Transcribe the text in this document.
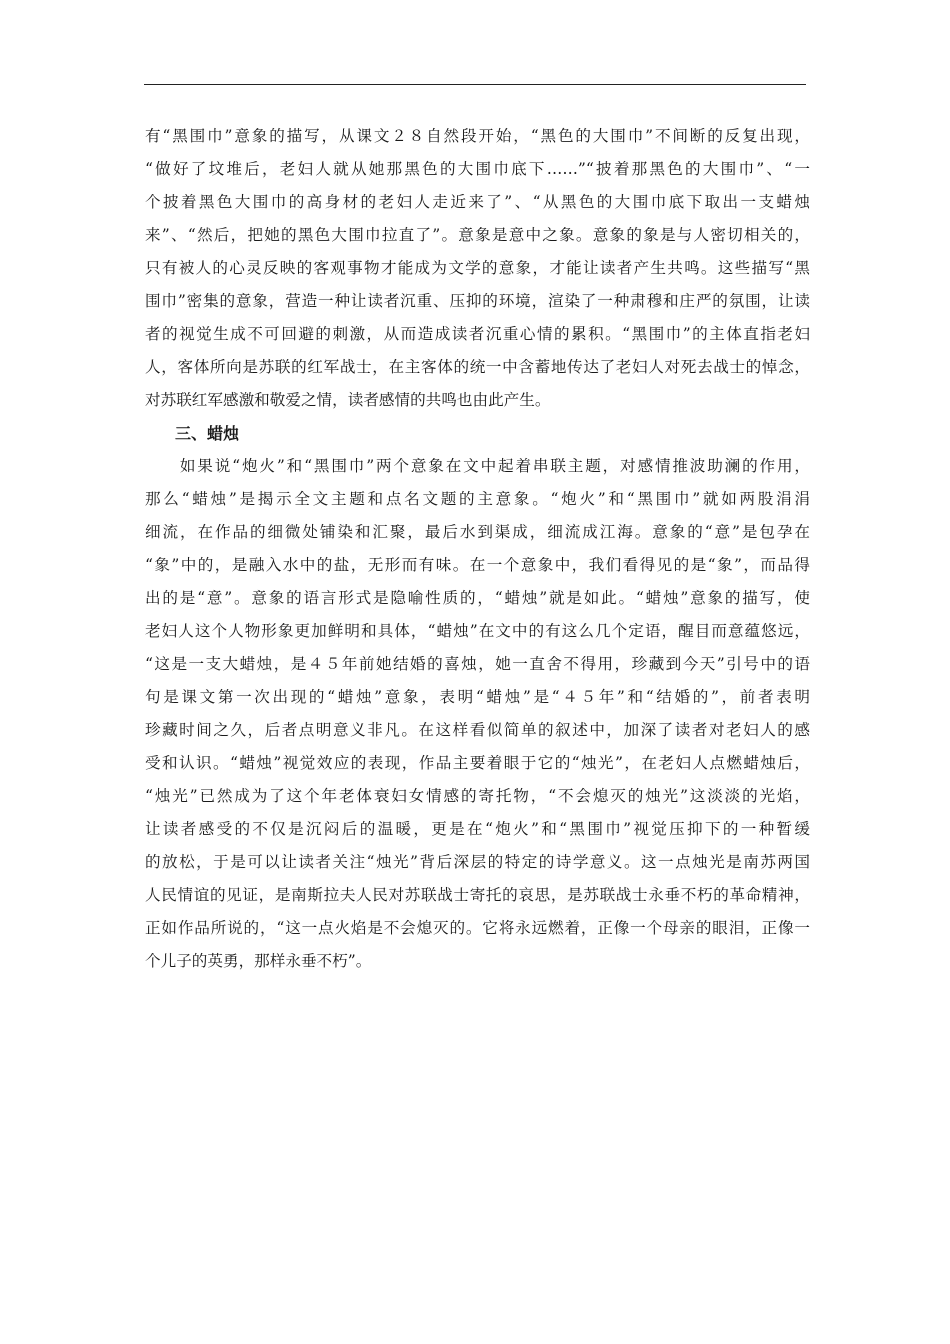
有“黑围巾”意象的描写，从课文２８自然段开始，“黑色的大围巾”不间断的反复出现，
“做好了坟堆后，老妇人就从她那黑色的大围巾底下……”“披着那黑色的大围巾”、“一
个披着黑色大围巾的高身材的老妇人走近来了”、“从黑色的大围巾底下取出一支蜡烛
来”、“然后，把她的黑色大围巾拉直了”。意象是意中之象。意象的象是与人密切相关的，
只有被人的心灵反映的客观事物才能成为文学的意象，才能让读者产生共鸣。这些描写“黑
围巾”密集的意象，营造一种让读者沉重、压抑的环境，渲染了一种肃穆和庄严的氛围，让读
者的视觉生成不可回避的刺激，从而造成读者沉重心情的累积。“黑围巾”的主体直指老妇
人，客体所向是苏联的红军战士，在主客体的统一中含蓄地传达了老妇人对死去战士的悼念，
对苏联红军感激和敬爱之情，读者感情的共鸣也由此产生。
三、蜡烛
　　如果说“炮火”和“黑围巾”两个意象在文中起着串联主题，对感情推波助澜的作用，
那么“蜡烛”是揭示全文主题和点名文题的主意象。“炮火”和“黑围巾”就如两股涓涓
细流，在作品的细微处铺染和汇聚，最后水到渠成，细流成江海。意象的“意”是包孕在
“象”中的，是融入水中的盐，无形而有味。在一个意象中，我们看得见的是“象”，而品得
出的是“意”。意象的语言形式是隐喻性质的，“蜡烛”就是如此。“蜡烛”意象的描写，使
老妇人这个人物形象更加鲜明和具体，“蜡烛”在文中的有这么几个定语，醒目而意蕴悠远，
“这是一支大蜡烛，是４５年前她结婚的喜烛，她一直舍不得用，珍藏到今天”引号中的语
句是课文第一次出现的“蜡烛”意象，表明“蜡烛”是“４５年”和“结婚的”，前者表明
珍藏时间之久，后者点明意义非凡。在这样看似简单的叙述中，加深了读者对老妇人的感
受和认识。“蜡烛”视觉效应的表现，作品主要着眼于它的“烛光”，在老妇人点燃蜡烛后，
“烛光”已然成为了这个年老体衰妇女情感的寄托物，“不会熄灭的烛光”这淡淡的光焰，
让读者感受的不仅是沉闷后的温暖，更是在“炮火”和“黑围巾”视觉压抑下的一种暂缓
的放松，于是可以让读者关注“烛光”背后深层的特定的诗学意义。这一点烛光是南苏两国
人民情谊的见证，是南斯拉夫人民对苏联战士寄托的哀思，是苏联战士永垂不朽的革命精神，
正如作品所说的，“这一点火焰是不会熄灭的。它将永远燃着，正像一个母亲的眼泪，正像一
个儿子的英勇，那样永垂不朽”。
